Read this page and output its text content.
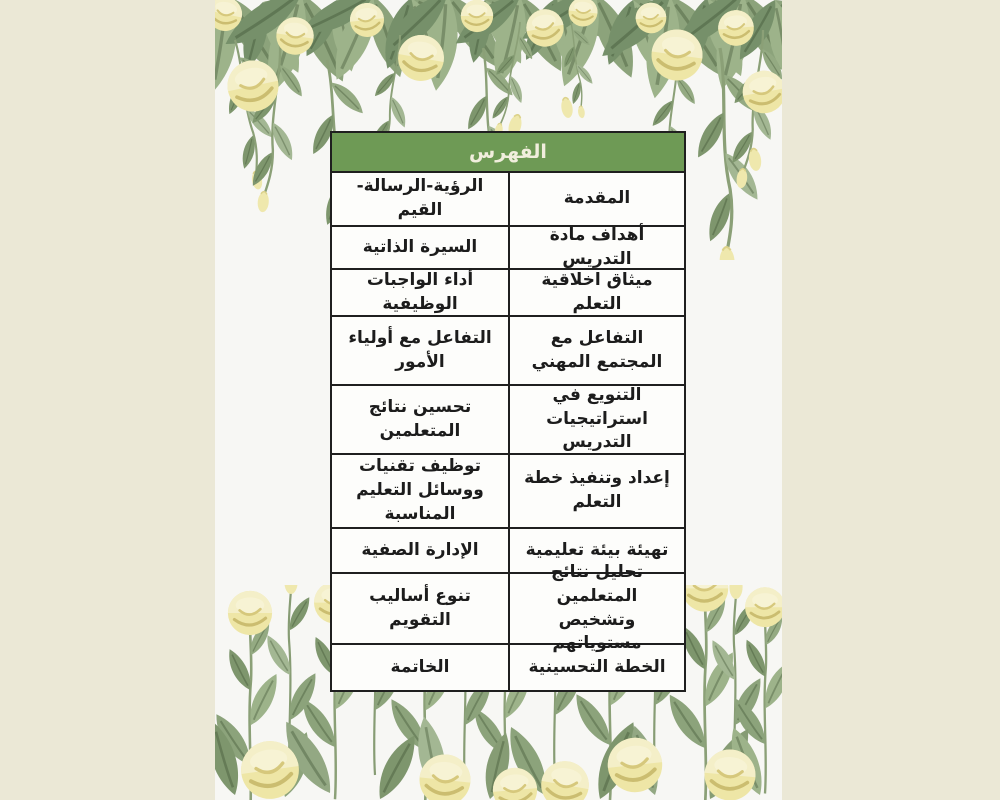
الفهرس
المقدمة
الرؤية-الرسالة-القيم
أهداف مادة التدريس
السيرة الذاتية
ميثاق اخلاقية التعلم
أداء الواجبات الوظيفية
التفاعل مع المجتمع المهني
التفاعل مع أولياء الأمور
التنويع في استراتيجيات التدريس
تحسين نتائج المتعلمين
إعداد وتنفيذ خطة التعلم
توظيف تقنيات ووسائل التعليم المناسبة
تهيئة بيئة تعليمية
الإدارة الصفية
تحليل نتائج المتعلمين وتشخيص مستوياتهم
تنوع أساليب التقويم
الخطة التحسينية
الخاتمة
